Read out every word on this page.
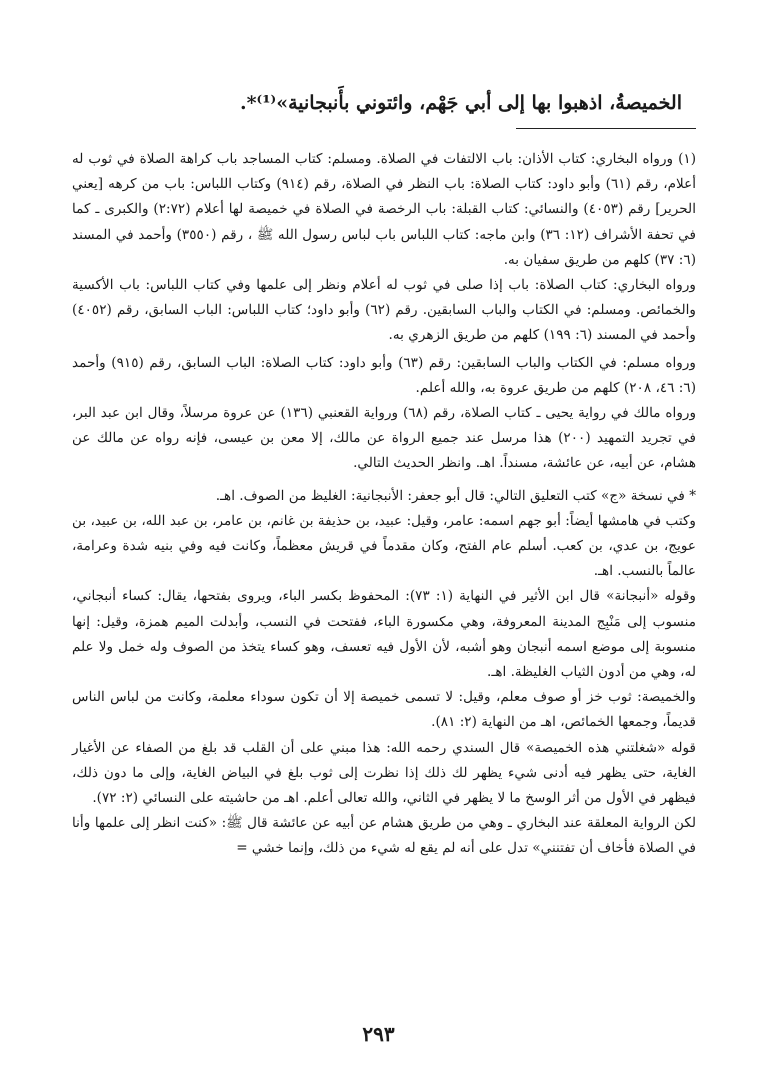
الخميصةُ، اذهبوا بها إلى أبي جَهْم، وائتوني بأَنبجانية»⁽¹⁾*.

(١) ورواه البخاري: كتاب الأذان: باب الالتفات في الصلاة. ومسلم: كتاب المساجد باب كراهة الصلاة في ثوب له أعلام، رقم (٦١) وأبو داود: كتاب الصلاة: باب النظر في الصلاة، رقم (٩١٤) وكتاب اللباس: باب من كرهه [يعني الحرير] رقم (٤٠٥٣) والنسائي: كتاب القبلة: باب الرخصة في الصلاة في خميصة لها أعلام (٢:٧٢) والكبرى ـ كما في تحفة الأشراف (١٢: ٣٦) وابن ماجه: كتاب اللباس باب لباس رسول الله ﷺ ، رقم (٣٥٥٠) وأحمد في المسند (٦: ٣٧) كلهم من طريق سفيان به.

ورواه البخاري: كتاب الصلاة: باب إذا صلى في ثوب له أعلام ونظر إلى علمها وفي كتاب اللباس: باب الأكسية والخمائص. ومسلم: في الكتاب والباب السابقين. رقم (٦٢) وأبو داود؛ كتاب اللباس: الباب السابق، رقم (٤٠٥٢) وأحمد في المسند (٦: ١٩٩) كلهم من طريق الزهري به.

ورواه مسلم: في الكتاب والباب السابقين: رقم (٦٣) وأبو داود: كتاب الصلاة: الباب السابق، رقم (٩١٥) وأحمد (٦: ٤٦، ٢٠٨) كلهم من طريق عروة به، والله أعلم.

ورواه مالك في رواية يحيى ـ كتاب الصلاة، رقم (٦٨) ورواية القعنبي (١٣٦) عن عروة مرسلاً، وقال ابن عبد البر، في تجريد التمهيد (٢٠٠) هذا مرسل عند جميع الرواة عن مالك، إلا معن بن عيسى، فإنه رواه عن مالك عن هشام، عن أبيه، عن عائشة، مسنداً. اهـ. وانظر الحديث التالي.

* في نسخة «ج» كتب التعليق التالي: قال أبو جعفر: الأنبجانية: الغليظ من الصوف. اهـ.

وكتب في هامشها أيضاً: أبو جهم اسمه: عامر، وقيل: عبيد، بن حذيفة بن غانم، بن عامر، بن عبد الله، بن عبيد، بن عويج، بن عدي، بن كعب. أسلم عام الفتح، وكان مقدماً في قريش معظماً، وكانت فيه وفي بنيه شدة وعرامة، عالماً بالنسب. اهـ.

وقوله «أنبجانة» قال ابن الأثير في النهاية (١: ٧٣): المحفوظ بكسر الباء، ويروى بفتحها، يقال: كساء أنبجاني، منسوب إلى مَنْبِج المدينة المعروفة، وهي مكسورة الباء، ففتحت في النسب، وأبدلت الميم همزة، وقيل: إنها منسوبة إلى موضع اسمه أنبجان وهو أشبه، لأن الأول فيه تعسف، وهو كساء يتخذ من الصوف وله خمل ولا علم له، وهي من أدون الثياب الغليظة. اهـ.

والخميصة: ثوب خز أو صوف معلم، وقيل: لا تسمى خميصة إلا أن تكون سوداء معلمة، وكانت من لباس الناس قديماً، وجمعها الخمائص، اهـ من النهاية (٢: ٨١).

قوله «شغلتني هذه الخميصة» قال السندي رحمه الله: هذا مبني على أن القلب قد بلغ من الصفاء عن الأغيار الغاية، حتى يظهر فيه أدنى شيء يظهر لك ذلك إذا نظرت إلى ثوب بلغ في البياض الغاية، وإلى ما دون ذلك، فيظهر في الأول من أثر الوسخ ما لا يظهر في الثاني، والله تعالى أعلم. اهـ من حاشيته على النسائي (٢: ٧٢).

لكن الرواية المعلقة عند البخاري ـ وهي من طريق هشام عن أبيه عن عائشة قال ﷺ: «كنت انظر إلى علمها وأنا في الصلاة فأخاف أن تفتنني» تدل على أنه لم يقع له شيء من ذلك، وإنما خشي =

٢٩٣
